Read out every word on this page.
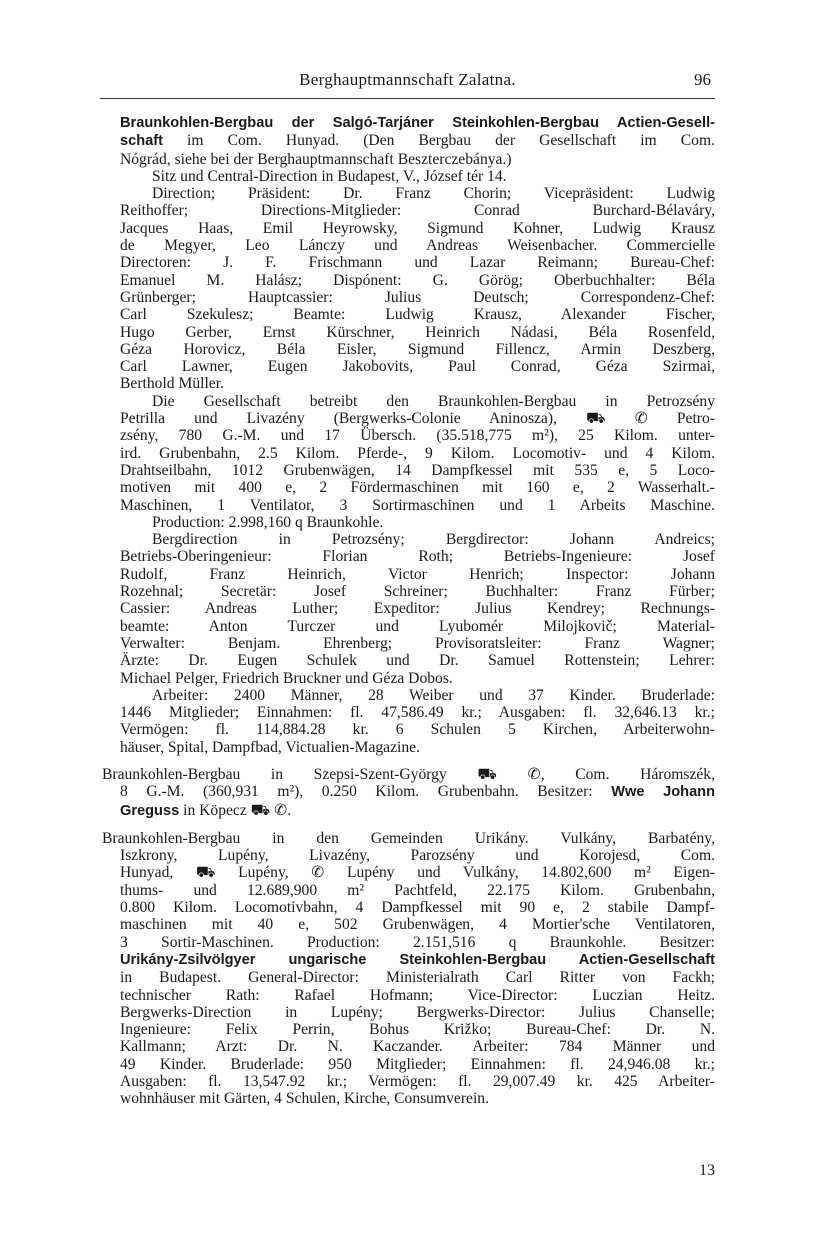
Berghauptmannschaft Zalatna.	96
Braunkohlen-Bergbau der Salgó-Tarjáner Steinkohlen-Bergbau Actien-Gesell-
schaft im Com. Hunyad. (Den Bergbau der Gesellschaft im Com.
Nógrád, siehe bei der Berghauptmannschaft Beszterczebánya.)
Sitz und Central-Direction in Budapest, V., József tér 14.
Direction; Präsident: Dr. Franz Chorin; Vicepräsident: Ludwig
Reithoffer; Directions-Mitglieder: Conrad Burchard-Bélaváry,
Jacques Haas, Emil Heyrowsky, Sigmund Kohner, Ludwig Krausz
de Megyer, Leo Lánczy und Andreas Weisenbacher. Commercielle
Directoren: J. F. Frischmann und Lazar Reimann; Bureau-Chef:
Emanuel M. Halász; Dispónent: G. Görög; Oberbuchhalter: Béla
Grünberger; Hauptcassier: Julius Deutsch; Correspondenz-Chef:
Carl Szekulesz; Beamte: Ludwig Krausz, Alexander Fischer,
Hugo Gerber, Ernst Kürschner, Heinrich Nádasi, Béla Rosenfeld,
Géza Horovicz, Béla Eisler, Sigmund Fillencz, Armin Deszberg,
Carl Lawner, Eugen Jakobovits, Paul Conrad, Géza Szirmai,
Berthold Müller.
Die Gesellschaft betreibt den Braunkohlen-Bergbau in Petrozsény
Petrilla und Livazény (Bergwerks-Colonie Aninosza), ⛟ ✆ Petro-
zsény, 780 G.-M. und 17 Übersch. (35.518,775 m²), 25 Kilom. unter-
ird. Grubenbahn, 2.5 Kilom. Pferde-, 9 Kilom. Locomotiv- und 4 Kilom.
Drahtseilbahn, 1012 Grubenwägen, 14 Dampfkessel mit 535 e, 5 Loco-
motiven mit 400 e, 2 Fördermaschinen mit 160 e, 2 Wasserhalt.-
Maschinen, 1 Ventilator, 3 Sortirmaschinen und 1 Arbeits Maschine.
Production: 2.998,160 q Braunkohle.
Bergdirection in Petrozsény; Bergdirector: Johann Andreics;
Betriebs-Oberingenieur: Florian Roth; Betriebs-Ingenieure: Josef
Rudolf, Franz Heinrich, Victor Henrich; Inspector: Johann
Rozehnal; Secretär: Josef Schreiner; Buchhalter: Franz Fürber;
Cassier: Andreas Luther; Expeditor: Julius Kendrey; Rechnungs-
beamte: Anton Turczer und Lyubomér Milojkovič; Material-
Verwalter: Benjam. Ehrenberg; Provisoratsleiter: Franz Wagner;
Ärzte: Dr. Eugen Schulek und Dr. Samuel Rottenstein; Lehrer:
Michael Pelger, Friedrich Bruckner und Géza Dobos.
Arbeiter: 2400 Männer, 28 Weiber und 37 Kinder. Bruderlade:
1446 Mitglieder; Einnahmen: fl. 47,586.49 kr.; Ausgaben: fl. 32,646.13 kr.;
Vermögen: fl. 114,884.28 kr. 6 Schulen 5 Kirchen, Arbeiterwohn-
häuser, Spital, Dampfbad, Victualien-Magazine.
Braunkohlen-Bergbau in Szepsi-Szent-György ⛟ ✆, Com. Háromszék,
8 G.-M. (360,931 m²), 0.250 Kilom. Grubenbahn. Besitzer: Wwe Johann
Greguss in Köpecz ⛟ ✆.
Braunkohlen-Bergbau in den Gemeinden Urikány. Vulkány, Barbatény,
Iszkrony, Lupény, Livazény, Parozsény und Korojesd, Com.
Hunyad, ⛟ Lupény, ✆ Lupény und Vulkány, 14.802,600 m² Eigen-
thums- und 12.689,900 m² Pachtfeld, 22.175 Kilom. Grubenbahn,
0.800 Kilom. Locomotivbahn, 4 Dampfkessel mit 90 e, 2 stabile Dampf-
maschinen mit 40 e, 502 Grubenwägen, 4 Mortier'sche Ventilatoren,
3 Sortir-Maschinen. Production: 2.151,516 q Braunkohle. Besitzer:
Urikány-Zsilvölgyer ungarische Steinkohlen-Bergbau Actien-Gesellschaft
in Budapest. General-Director: Ministerialrath Carl Ritter von Fackh;
technischer Rath: Rafael Hofmann; Vice-Director: Luczian Heitz.
Bergwerks-Direction in Lupény; Bergwerks-Director: Julius Chanselle;
Ingenieure: Felix Perrin, Bohus Križko; Bureau-Chef: Dr. N.
Kallmann; Arzt: Dr. N. Kaczander. Arbeiter: 784 Männer und
49 Kinder. Bruderlade: 950 Mitglieder; Einnahmen: fl. 24,946.08 kr.;
Ausgaben: fl. 13,547.92 kr.; Vermögen: fl. 29,007.49 kr. 425 Arbeiter-
wohnhäuser mit Gärten, 4 Schulen, Kirche, Consumverein.
13
